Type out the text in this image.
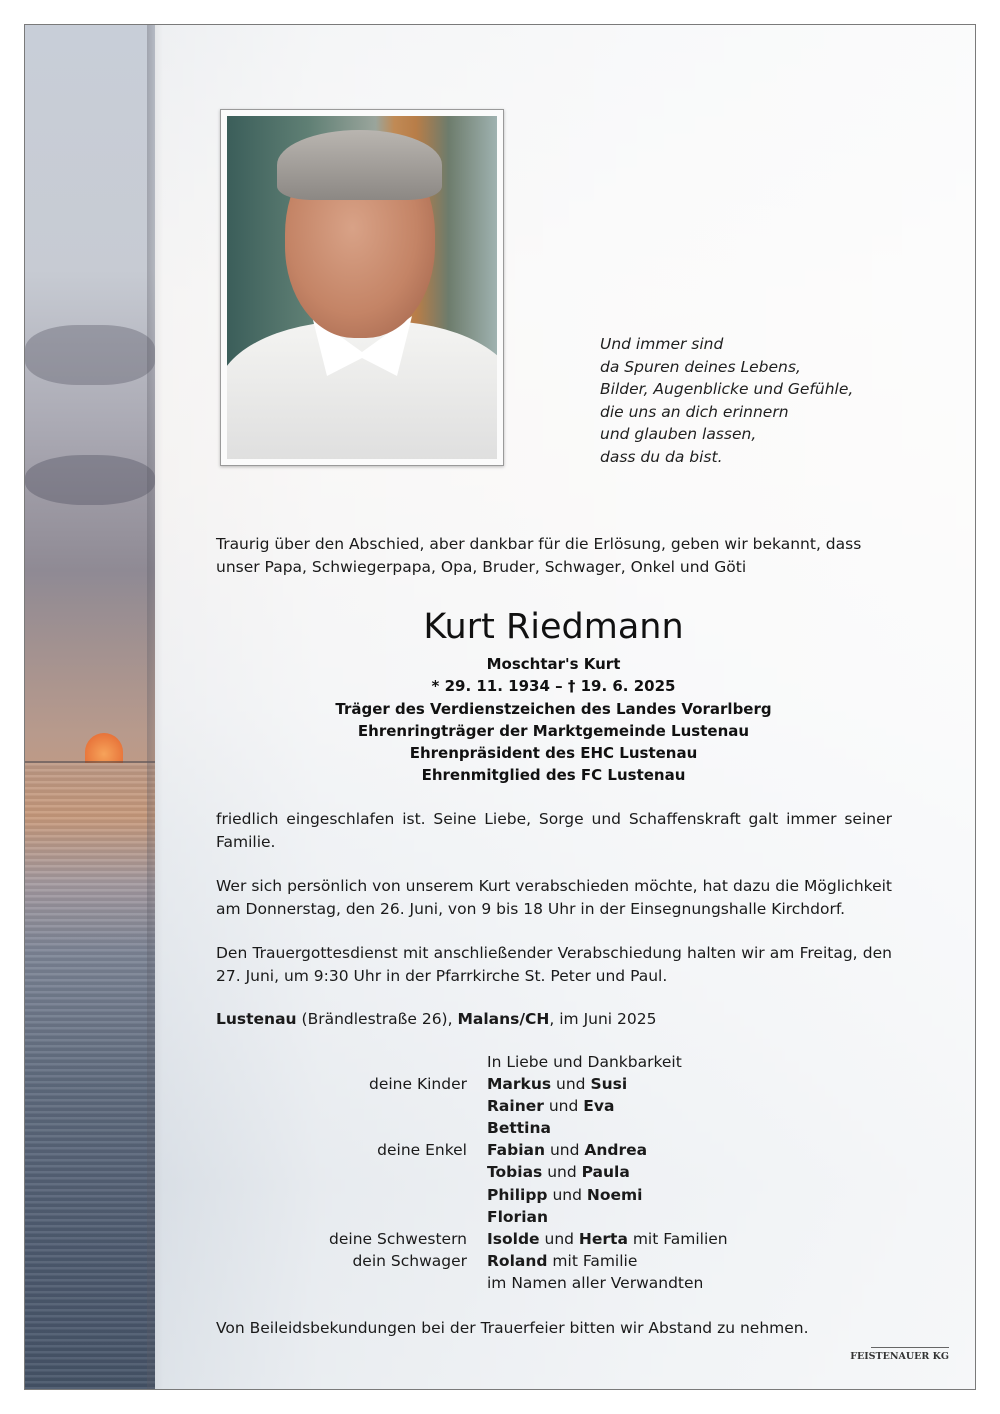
Und immer sind
da Spuren deines Lebens,
Bilder, Augenblicke und Gefühle,
die uns an dich erinnern
und glauben lassen,
dass du da bist.
Traurig über den Abschied, aber dankbar für die Erlösung, geben wir bekannt, dass
unser Papa, Schwiegerpapa, Opa, Bruder, Schwager, Onkel und Göti
Kurt Riedmann
Moschtar's Kurt
* 29. 11. 1934 – † 19. 6. 2025
Träger des Verdienstzeichen des Landes Vorarlberg
Ehrenringträger der Marktgemeinde Lustenau
Ehrenpräsident des EHC Lustenau
Ehrenmitglied des FC Lustenau
friedlich eingeschlafen ist. Seine Liebe, Sorge und Schaffenskraft galt immer seiner Familie.
Wer sich persönlich von unserem Kurt verabschieden möchte, hat dazu die Möglichkeit am Donnerstag, den 26. Juni, von 9 bis 18 Uhr in der Einsegnungshalle Kirchdorf.
Den Trauergottesdienst mit anschließender Verabschiedung halten wir am Freitag, den 27. Juni, um 9:30 Uhr in der Pfarrkirche St. Peter und Paul.
Lustenau (Brändlestraße 26), Malans/CH, im Juni 2025
In Liebe und Dankbarkeit
deine Kinder	Markus und Susi
Rainer und Eva
Bettina
deine Enkel	Fabian und Andrea
Tobias und Paula
Philipp und Noemi
Florian
deine Schwestern	Isolde und Herta mit Familien
dein Schwager	Roland mit Familie
im Namen aller Verwandten
Von Beileidsbekundungen bei der Trauerfeier bitten wir Abstand zu nehmen.
FEISTENAUER KG
